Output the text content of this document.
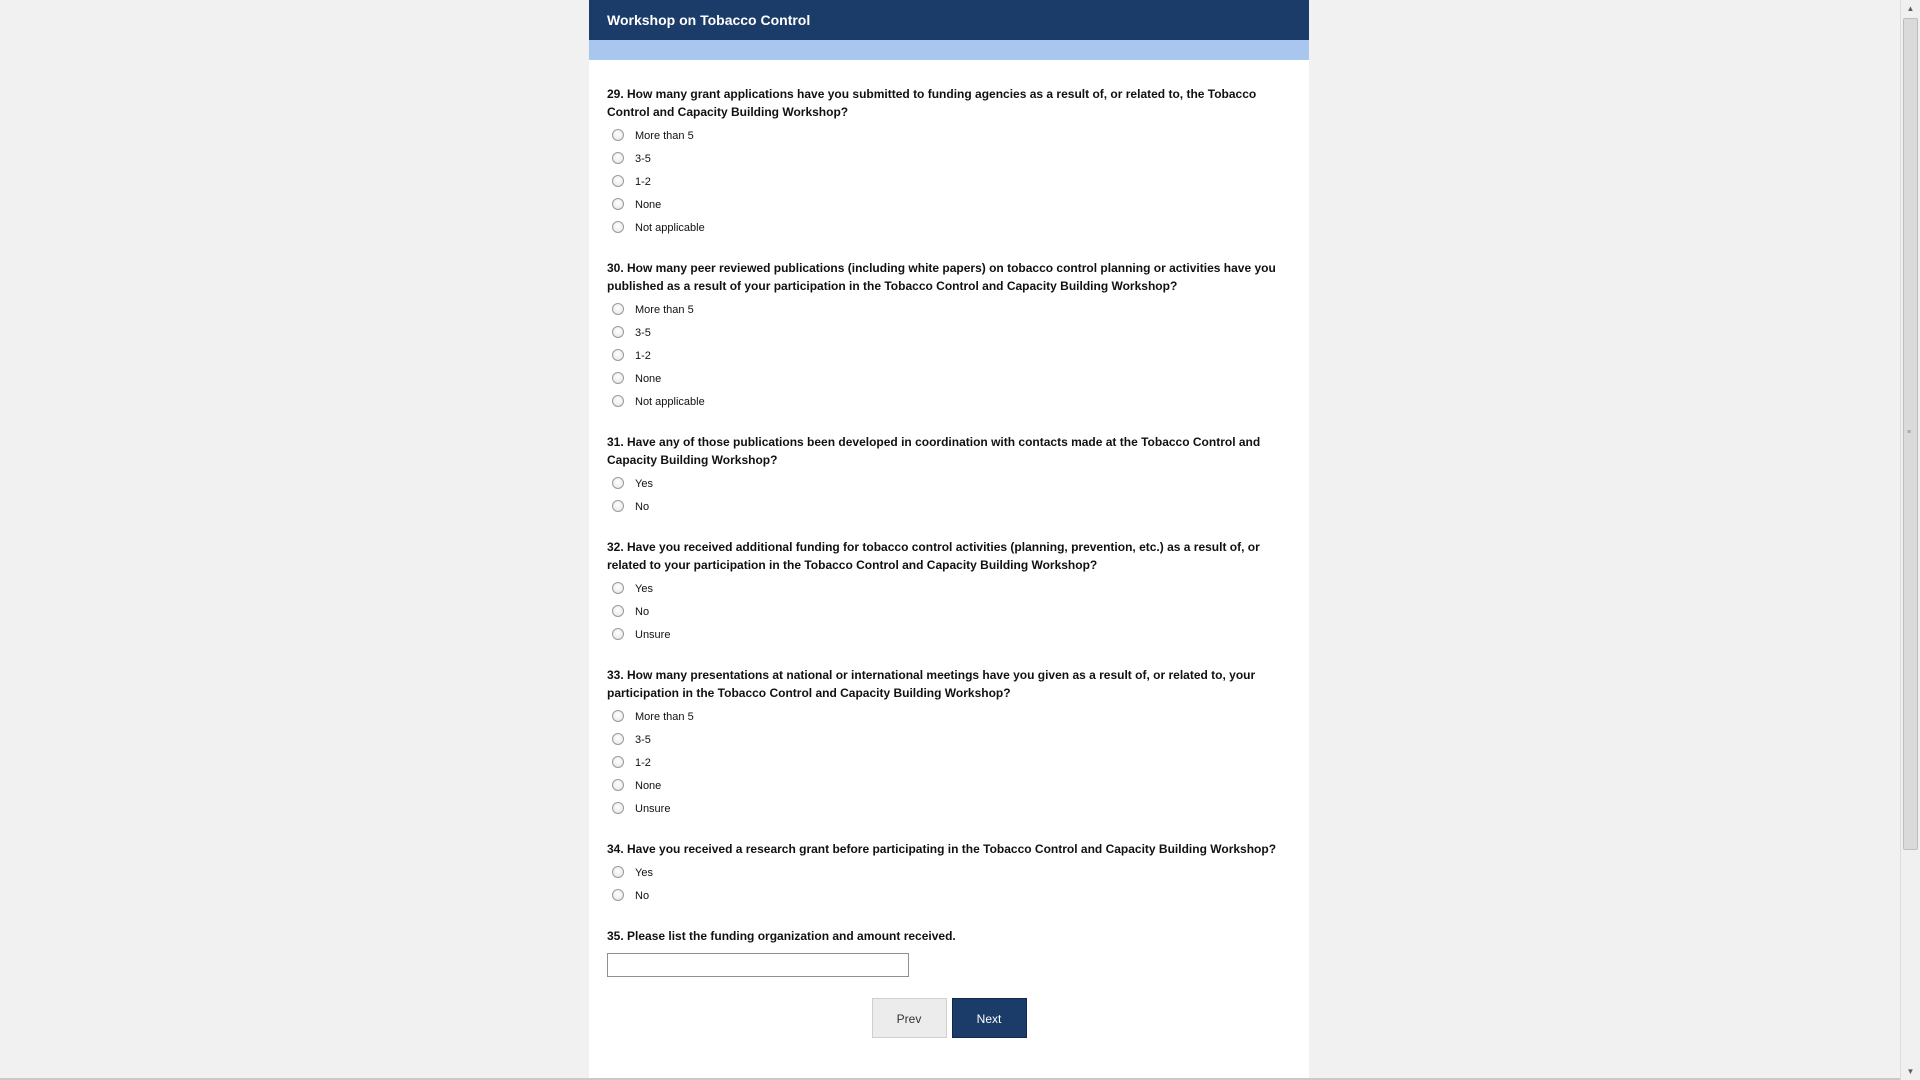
Workshop on Tobacco Control

29. How many grant applications have you submitted to funding agencies as a result of, or related to, the Tobacco Control and Capacity Building Workshop?

More than 5
3-5
1-2
None
Not applicable

30. How many peer reviewed publications (including white papers) on tobacco control planning or activities have you published as a result of your participation in the Tobacco Control and Capacity Building Workshop?

More than 5
3-5
1-2
None
Not applicable

31. Have any of those publications been developed in coordination with contacts made at the Tobacco Control and Capacity Building Workshop?

Yes
No

32. Have you received additional funding for tobacco control activities (planning, prevention, etc.) as a result of, or related to your participation in the Tobacco Control and Capacity Building Workshop?

Yes
No
Unsure

33. How many presentations at national or international meetings have you given as a result of, or related to, your participation in the Tobacco Control and Capacity Building Workshop?

More than 5
3-5
1-2
None
Unsure

34. Have you received a research grant before participating in the Tobacco Control and Capacity Building Workshop?

Yes
No

35. Please list the funding organization and amount received.

Prev	Next
▲
≡
▼
